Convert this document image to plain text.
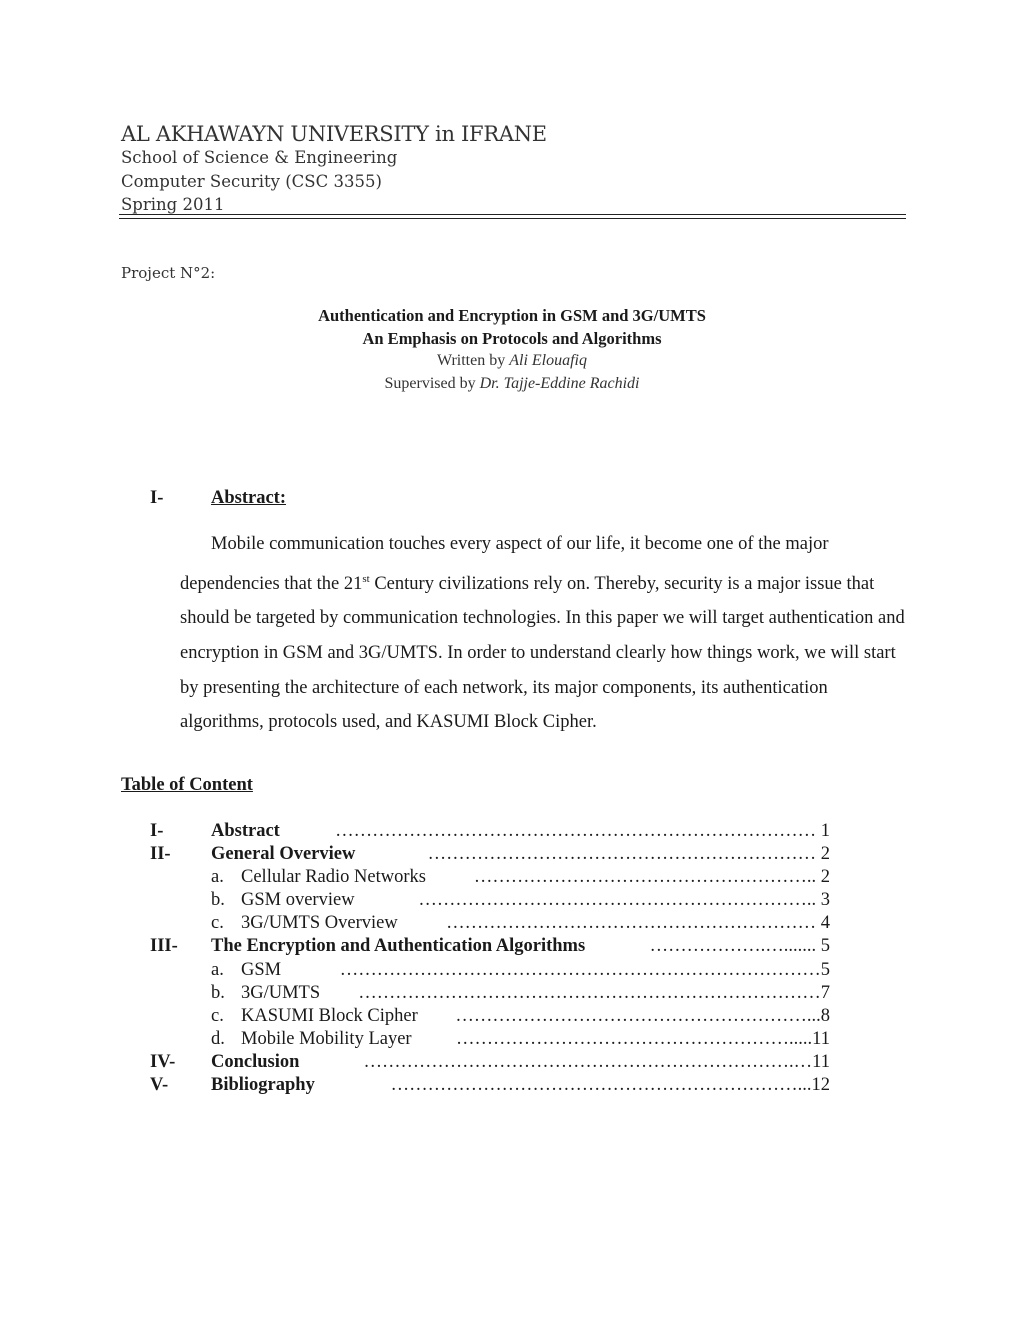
AL AKHAWAYN UNIVERSITY in IFRANE
School of Science & Engineering
Computer Security (CSC 3355)
Spring 2011
Project N°2:
Authentication and Encryption in GSM and 3G/UMTS
An Emphasis on Protocols and Algorithms
Written by Ali Elouafiq
Supervised by Dr. Tajje-Eddine Rachidi
I-	Abstract:

Mobile communication touches every aspect of our life, it become one of the major dependencies that the 21st Century civilizations rely on. Thereby, security is a major issue that should be targeted by communication technologies. In this paper we will target authentication and encryption in GSM and 3G/UMTS. In order to understand clearly how things work, we will start by presenting the architecture of each network, its major components, its authentication algorithms, protocols used, and KASUMI Block Cipher.

Table of Content
I-	Abstract	…………………………………………………………………… 1
II- General Overview	……………………………………………………… 2
a. Cellular Radio Networks	……………………………………………….. 2
b. GSM overview	……………………………………………………….. 3
c. 3G/UMTS Overview	…………………………………………………… 4
III- The Encryption and Authentication Algorithms	……………….…....... 5
a. GSM	……………………………………………………………………5
b. 3G/UMTS …………………………………………………………………7
c. KASUMI Block Cipher …………………………………………………...8
d. Mobile Mobility Layer ……………………………………………….....11
IV- Conclusion	…………………………………………………………….…11
V- Bibliography	…………………………………………………………...12
